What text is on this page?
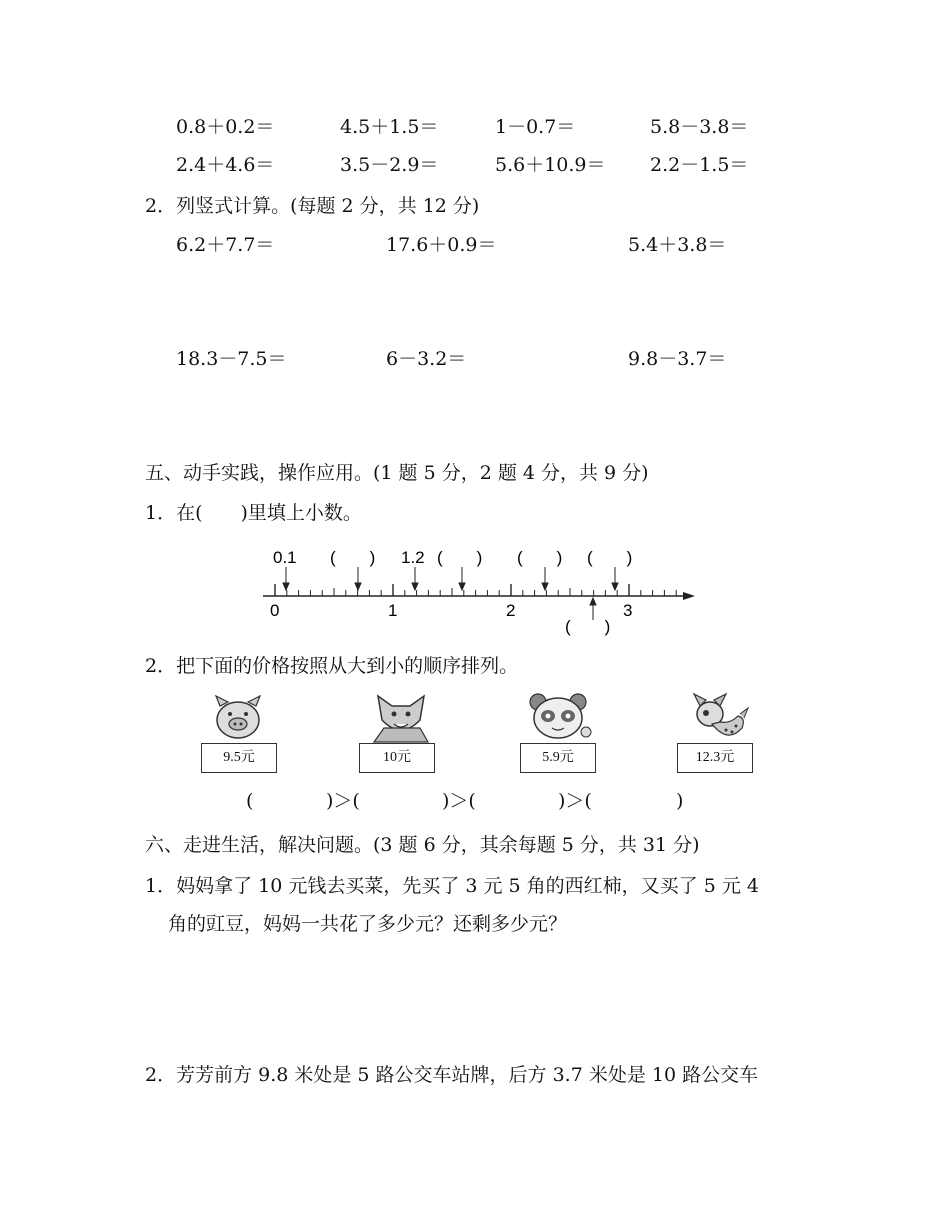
0.8＋0.2＝	4.5＋1.5＝	1－0.7＝	5.8－3.8＝
2.4＋4.6＝	3.5－2.9＝	5.6＋10.9＝ 2.2－1.5＝
2．列竖式计算。(每题 2 分，共 12 分)
6.2＋7.7＝	17.6＋0.9＝	5.4＋3.8＝
18.3－7.5＝	6－3.2＝	9.8－3.7＝
五、动手实践，操作应用。(1 题 5 分，2 题 4 分，共 9 分)
1．在(　　)里填上小数。
0.1	1.2
(　　)	(　　) (　　) (　　)
(　　)
0	1	2	3
2．把下面的价格按照从大到小的顺序排列。
9.5元	10元	5.9元	12.3元
(	)＞(	)＞(	)＞(	)
六、走进生活，解决问题。(3 题 6 分，其余每题 5 分，共 31 分)
1．妈妈拿了 10 元钱去买菜，先买了 3 元 5 角的西红柿，又买了 5 元 4
角的豇豆，妈妈一共花了多少元？还剩多少元？
2．芳芳前方 9.8 米处是 5 路公交车站牌，后方 3.7 米处是 10 路公交车
